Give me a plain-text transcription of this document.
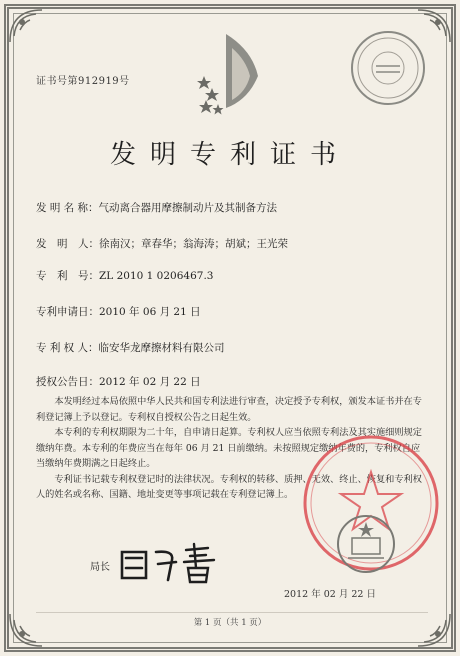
证书号第912919号
发明专利证书
发 明 名 称：气动离合器用摩擦制动片及其制备方法
发　明　人：徐南汉；章春华；翁海涛；胡斌；王光荣
专　利　号：ZL 2010 1 0206467.3
专利申请日：2010 年 06 月 21 日
专 利 权 人：临安华龙摩擦材料有限公司
授权公告日：2012 年 02 月 22 日

本发明经过本局依照中华人民共和国专利法进行审查，决定授予专利权，颁发本证书并在专利登记簿上予以登记。专利权自授权公告之日起生效。

本专利的专利权期限为二十年，自申请日起算。专利权人应当依照专利法及其实施细则规定缴纳年费。本专利的年费应当在每年 06 月 21 日前缴纳。未按照规定缴纳年费的，专利权自应当缴纳年费期满之日起终止。

专利证书记载专利权登记时的法律状况。专利权的转移、质押、无效、终止、恢复和专利权人的姓名或名称、国籍、地址变更等事项记载在专利登记簿上。

局长
2012 年 02 月 22 日
第 1 页（共 1 页）
